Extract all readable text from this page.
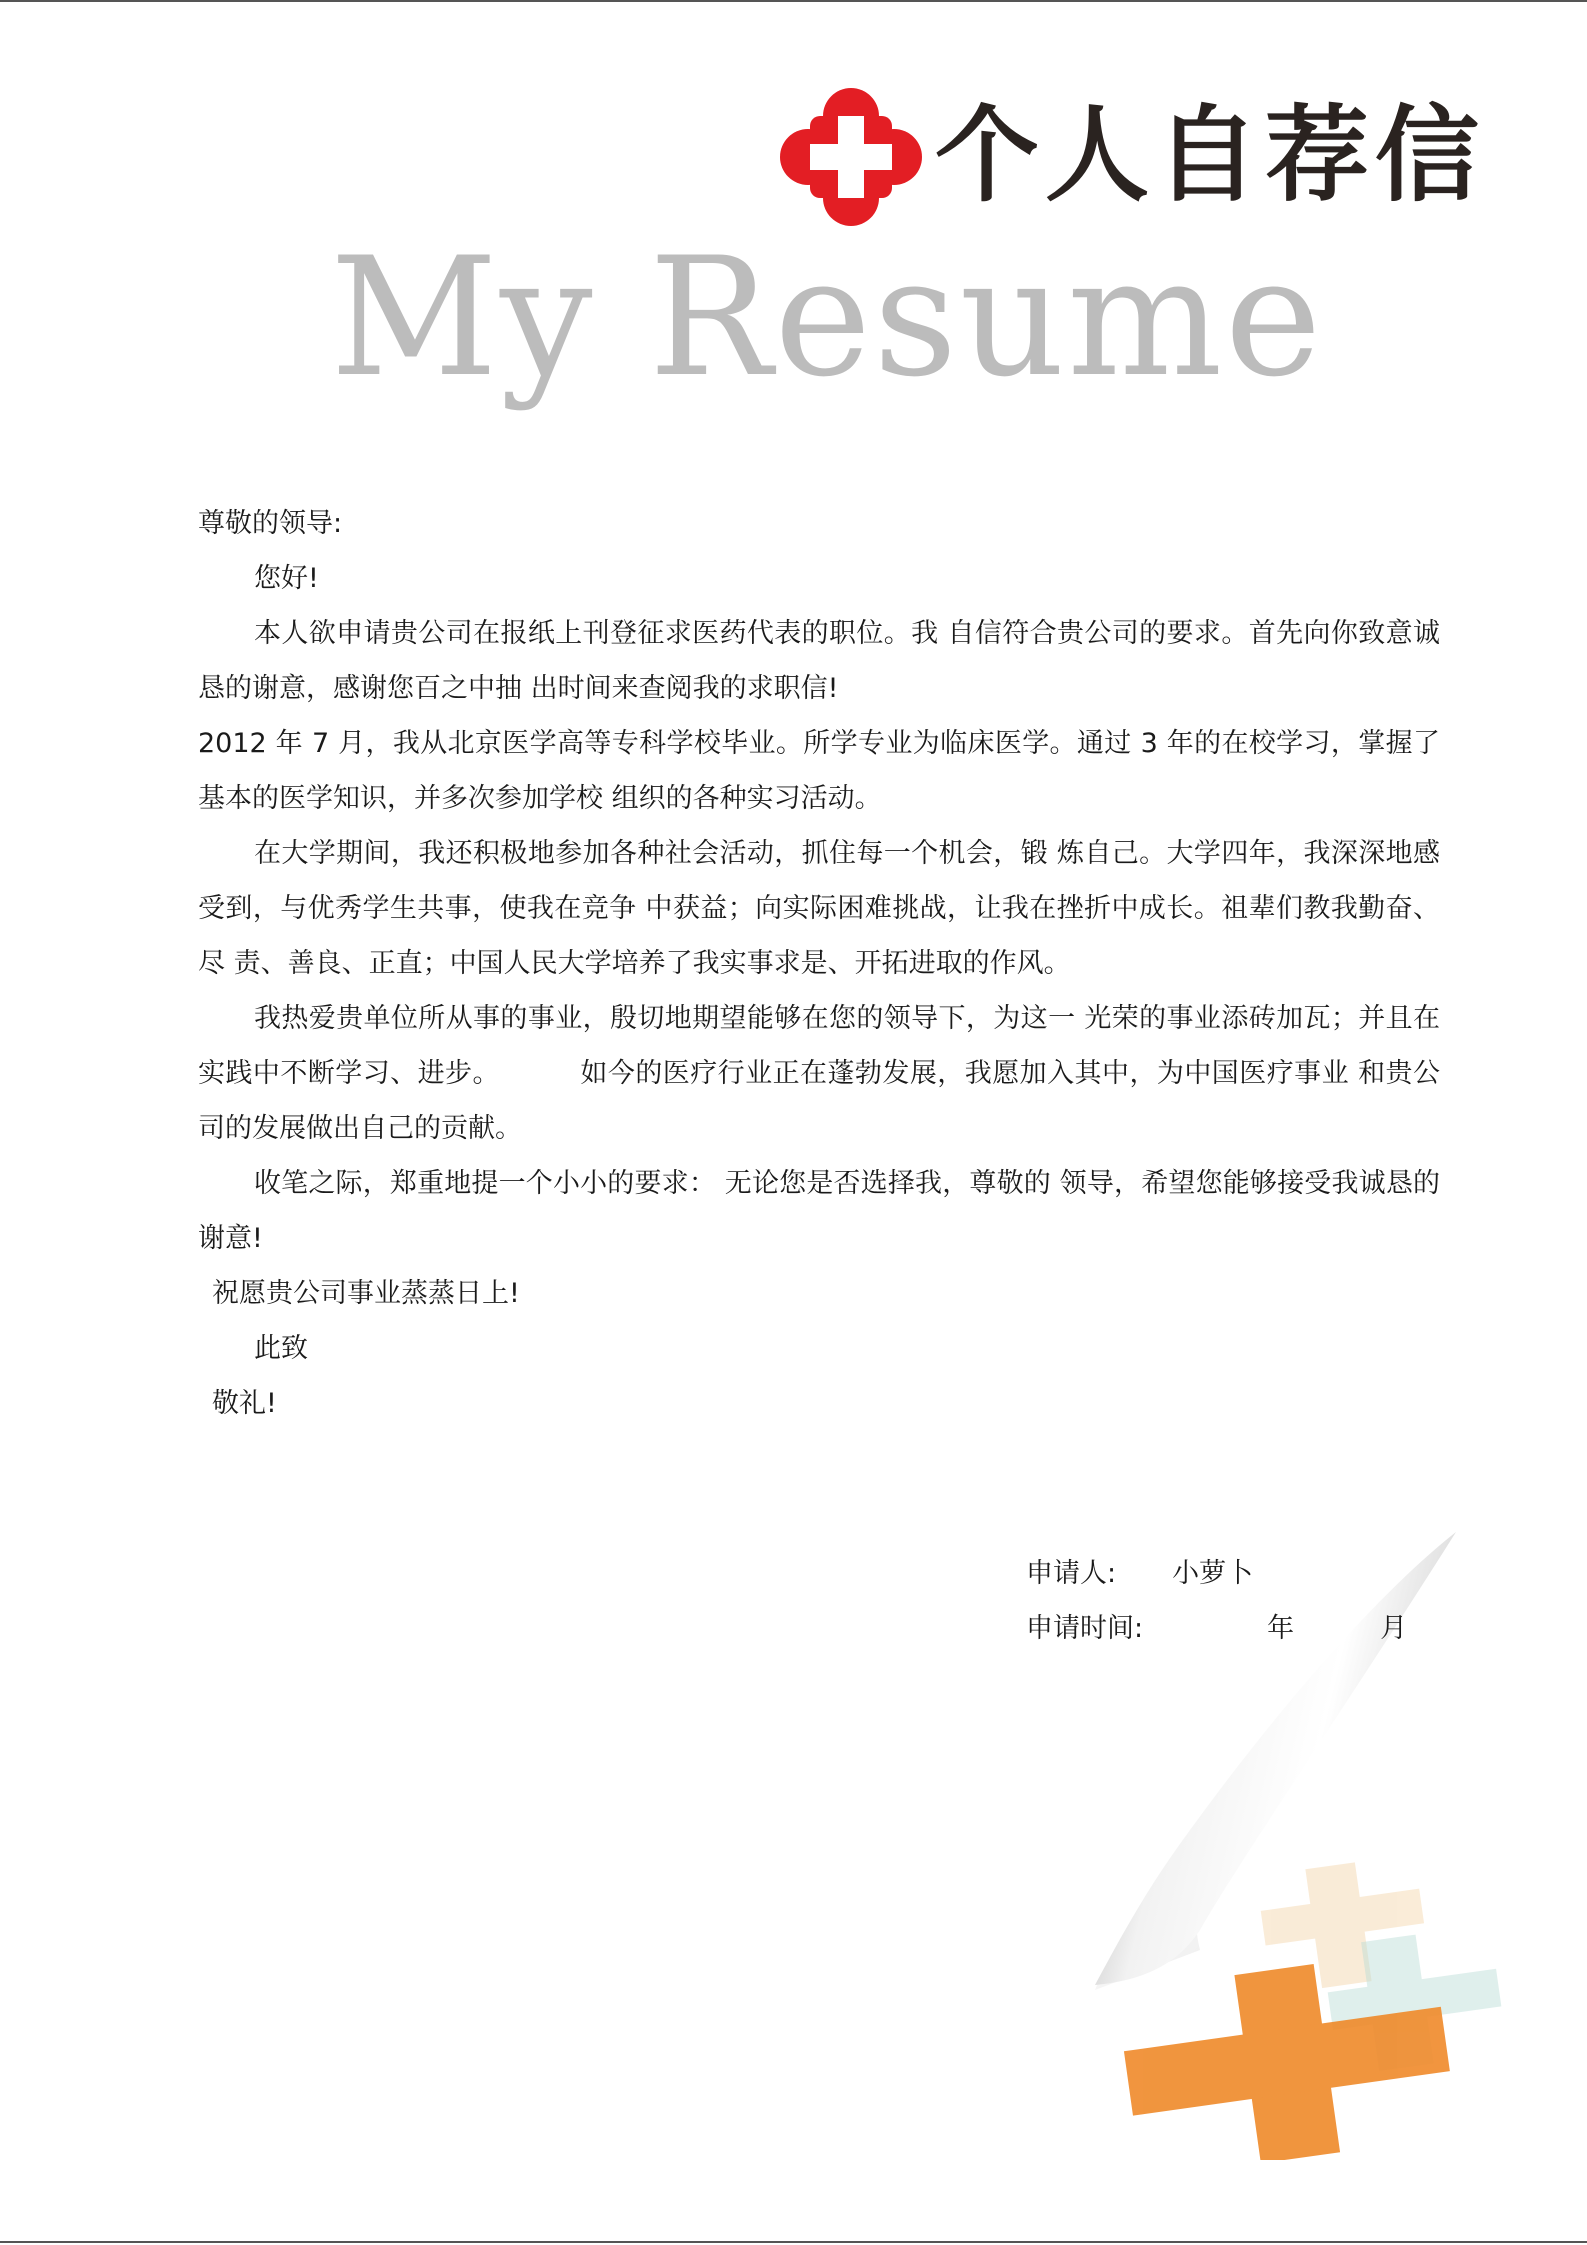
个人自荐信
My Resume

尊敬的领导:

您好!

本人欲申请贵公司在报纸上刊登征求医药代表的职位。我 自信符合贵公司的要求。首先向你致意诚恳的谢意，感谢您百之中抽 出时间来查阅我的求职信!

2012 年 7 月，我从北京医学高等专科学校毕业。所学专业为临床医学。通过 3 年的在校学习，掌握了基本的医学知识，并多次参加学校 组织的各种实习活动。

在大学期间，我还积极地参加各种社会活动，抓住每一个机会，锻 炼自己。大学四年，我深深地感受到，与优秀学生共事，使我在竞争 中获益；向实际困难挑战，让我在挫折中成长。祖辈们教我勤奋、尽 责、善良、正直；中国人民大学培养了我实事求是、开拓进取的作风。

我热爱贵单位所从事的事业，殷切地期望能够在您的领导下，为这一 光荣的事业添砖加瓦；并且在实践中不断学习、进步。	如今的医疗行业正在蓬勃发展，我愿加入其中，为中国医疗事业 和贵公司的发展做出自己的贡献。

收笔之际，郑重地提一个小小的要求： 无论您是否选择我，尊敬的 领导，希望您能够接受我诚恳的谢意!

祝愿贵公司事业蒸蒸日上!

此致

敬礼!

申请人: 小萝卜
申请时间:	年	月
